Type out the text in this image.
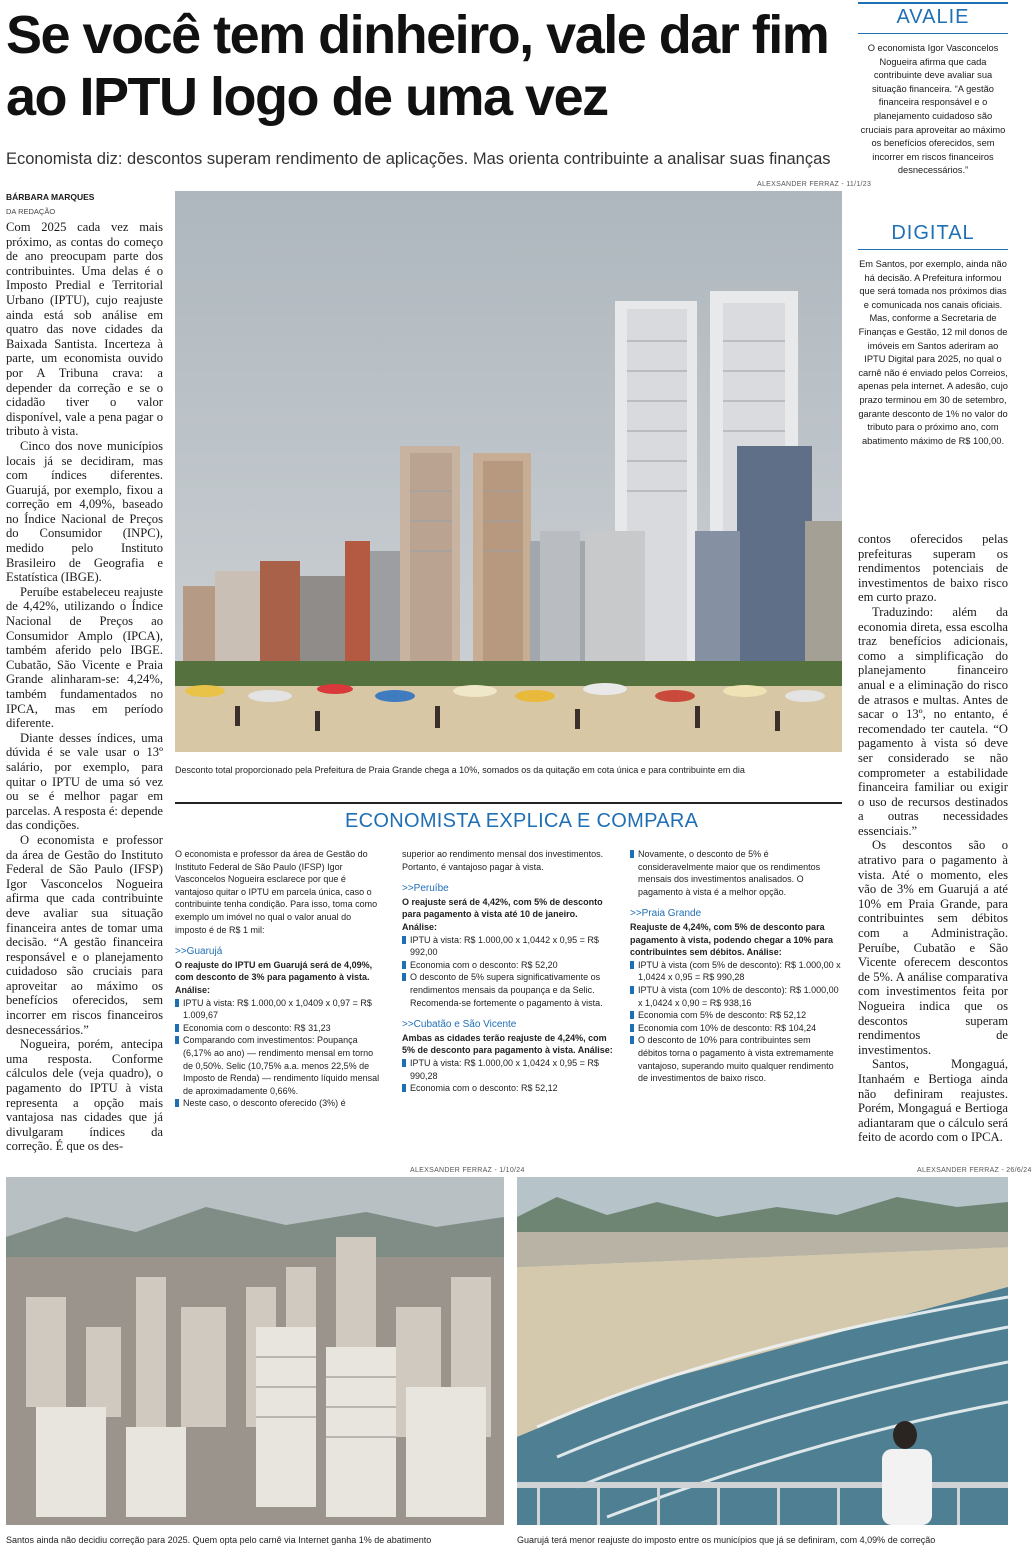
Se você tem dinheiro, vale dar fim ao IPTU logo de uma vez
Economista diz: descontos superam rendimento de aplicações. Mas orienta contribuinte a analisar suas finanças
ALEXSANDER FERRAZ - 11/1/23
BÁRBARA MARQUES
DA REDAÇÃO

Com 2025 cada vez mais próximo, as contas do começo de ano preocupam parte dos contribuintes. Uma delas é o Imposto Predial e Territorial Urbano (IPTU), cujo reajuste ainda está sob análise em quatro das nove cidades da Baixada Santista. Incerteza à parte, um economista ouvido por A Tribuna crava: a depender da correção e se o cidadão tiver o valor disponível, vale a pena pagar o tributo à vista.

Cinco dos nove municípios locais já se decidiram, mas com índices diferentes. Guarujá, por exemplo, fixou a correção em 4,09%, baseado no Índice Nacional de Preços do Consumidor (INPC), medido pelo Instituto Brasileiro de Geografia e Estatística (IBGE).

Peruíbe estabeleceu reajuste de 4,42%, utilizando o Índice Nacional de Preços ao Consumidor Amplo (IPCA), também aferido pelo IBGE. Cubatão, São Vicente e Praia Grande alinharam-se: 4,24%, também fundamentados no IPCA, mas em período diferente.

Diante desses índices, uma dúvida é se vale usar o 13º salário, por exemplo, para quitar o IPTU de uma só vez ou se é melhor pagar em parcelas. A resposta é: depende das condições.

O economista e professor da área de Gestão do Instituto Federal de São Paulo (IFSP) Igor Vasconcelos Nogueira afirma que cada contribuinte deve avaliar sua situação financeira antes de tomar uma decisão. “A gestão financeira responsável e o planejamento cuidadoso são cruciais para aproveitar ao máximo os benefícios oferecidos, sem incorrer em riscos financeiros desnecessários.”

Nogueira, porém, antecipa uma resposta. Conforme cálculos dele (veja quadro), o pagamento do IPTU à vista representa a opção mais vantajosa nas cidades que já divulgaram índices da correção. É que os des-

Desconto total proporcionado pela Prefeitura de Praia Grande chega a 10%, somados os da quitação em cota única e para contribuinte em dia
AVALIE
O economista Igor Vasconcelos Nogueira afirma que cada contribuinte deve avaliar sua situação financeira. “A gestão financeira responsável e o planejamento cuidadoso são cruciais para aproveitar ao máximo os benefícios oferecidos, sem incorrer em riscos financeiros desnecessários.”
DIGITAL
Em Santos, por exemplo, ainda não há decisão. A Prefeitura informou que será tomada nos próximos dias e comunicada nos canais oficiais. Mas, conforme a Secretaria de Finanças e Gestão, 12 mil donos de imóveis em Santos aderiram ao IPTU Digital para 2025, no qual o carnê não é enviado pelos Correios, apenas pela internet. A adesão, cujo prazo terminou em 30 de setembro, garante desconto de 1% no valor do tributo para o próximo ano, com abatimento máximo de R$ 100,00.

contos oferecidos pelas prefeituras superam os rendimentos potenciais de investimentos de baixo risco em curto prazo.

Traduzindo: além da economia direta, essa escolha traz benefícios adicionais, como a simplificação do planejamento financeiro anual e a eliminação do risco de atrasos e multas. Antes de sacar o 13º, no entanto, é recomendado ter cautela. “O pagamento à vista só deve ser considerado se não comprometer a estabilidade financeira familiar ou exigir o uso de recursos destinados a outras necessidades essenciais.”

Os descontos são o atrativo para o pagamento à vista. Até o momento, eles vão de 3% em Guarujá a até 10% em Praia Grande, para contribuintes sem débitos com a Administração. Peruíbe, Cubatão e São Vicente oferecem descontos de 5%. A análise comparativa com investimentos feita por Nogueira indica que os descontos superam rendimentos de investimentos.

Santos, Mongaguá, Itanhaém e Bertioga ainda não definiram reajustes. Porém, Mongaguá e Bertioga adiantaram que o cálculo será feito de acordo com o IPCA.

ECONOMISTA EXPLICA E COMPARA
O economista e professor da área de Gestão do Instituto Federal de São Paulo (IFSP) Igor Vasconcelos Nogueira esclarece por que é vantajoso quitar o IPTU em parcela única, caso o contribuinte tenha condição. Para isso, toma como exemplo um imóvel no qual o valor anual do imposto é de R$ 1 mil:
>>Guarujá
O reajuste do IPTU em Guarujá será de 4,09%, com desconto de 3% para pagamento à vista. Análise:
IPTU à vista: R$ 1.000,00 x 1,0409 x 0,97 = R$ 1.009,67
Economia com o desconto: R$ 31,23
Comparando com investimentos: Poupança (6,17% ao ano) — rendimento mensal em torno de 0,50%. Selic (10,75% a.a. menos 22,5% de Imposto de Renda) — rendimento líquido mensal de aproximadamente 0,66%.
Neste caso, o desconto oferecido (3%) é
superior ao rendimento mensal dos investimentos. Portanto, é vantajoso pagar à vista.
>>Peruíbe
O reajuste será de 4,42%, com 5% de desconto para pagamento à vista até 10 de janeiro. Análise:
IPTU à vista: R$ 1.000,00 x 1,0442 x 0,95 = R$ 992,00
Economia com o desconto: R$ 52,20
O desconto de 5% supera significativamente os rendimentos mensais da poupança e da Selic. Recomenda-se fortemente o pagamento à vista.
>>Cubatão e São Vicente
Ambas as cidades terão reajuste de 4,24%, com 5% de desconto para pagamento à vista. Análise:
IPTU à vista: R$ 1.000,00 x 1,0424 x 0,95 = R$ 990,28
Economia com o desconto: R$ 52,12
Novamente, o desconto de 5% é consideravelmente maior que os rendimentos mensais dos investimentos analisados. O pagamento à vista é a melhor opção.
>>Praia Grande
Reajuste de 4,24%, com 5% de desconto para pagamento à vista, podendo chegar a 10% para contribuintes sem débitos. Análise:
IPTU à vista (com 5% de desconto): R$ 1.000,00 x 1,0424 x 0,95 = R$ 990,28
IPTU à vista (com 10% de desconto): R$ 1.000,00 x 1,0424 x 0,90 = R$ 938,16
Economia com 5% de desconto: R$ 52,12
Economia com 10% de desconto: R$ 104,24
O desconto de 10% para contribuintes sem débitos torna o pagamento à vista extremamente vantajoso, superando muito qualquer rendimento de investimentos de baixo risco.
ALEXSANDER FERRAZ - 1/10/24
Santos ainda não decidiu correção para 2025. Quem opta pelo carnê via Internet ganha 1% de abatimento
ALEXSANDER FERRAZ - 26/6/24
Guarujá terá menor reajuste do imposto entre os municípios que já se definiram, com 4,09% de correção
